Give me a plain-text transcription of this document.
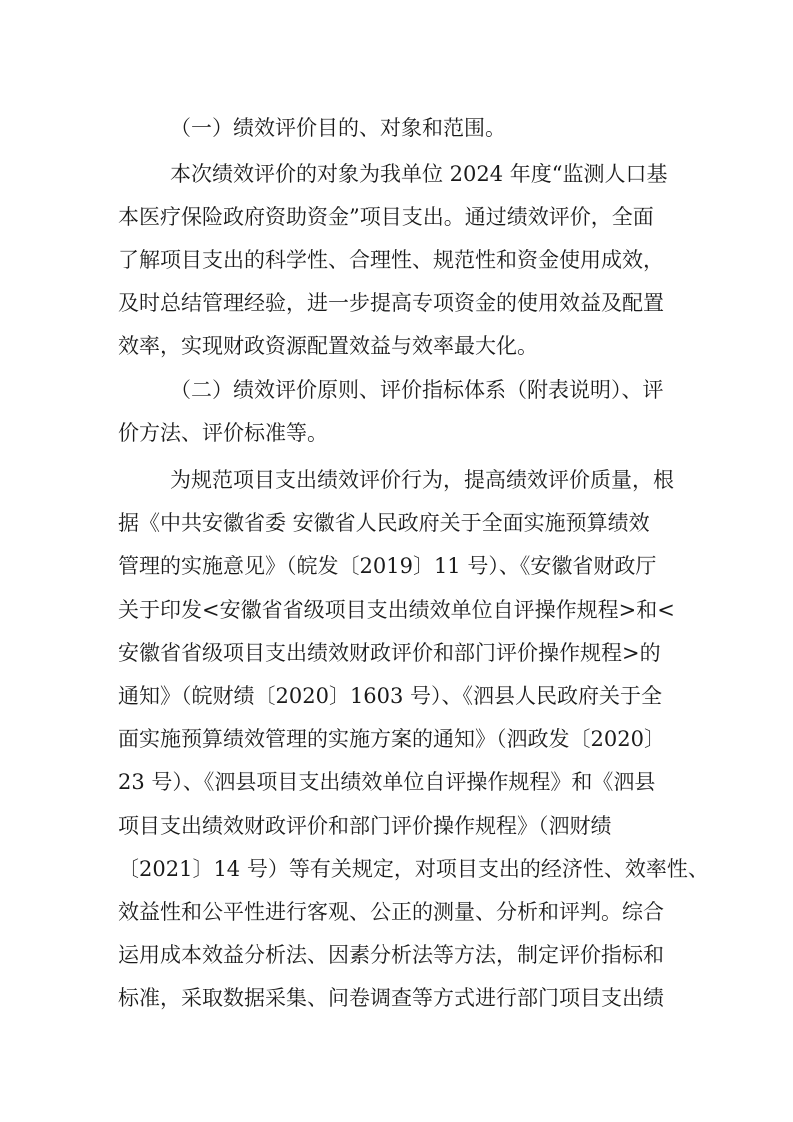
（一）绩效评价目的、对象和范围。
本次绩效评价的对象为我单位 2024 年度“监测人口基
本医疗保险政府资助资金”项目支出。通过绩效评价，全面
了解项目支出的科学性、合理性、规范性和资金使用成效，
及时总结管理经验，进一步提高专项资金的使用效益及配置
效率，实现财政资源配置效益与效率最大化。
（二）绩效评价原则、评价指标体系（附表说明）、评
价方法、评价标准等。
为规范项目支出绩效评价行为，提高绩效评价质量，根
据《中共安徽省委 安徽省人民政府关于全面实施预算绩效
管理的实施意见》（皖发〔2019〕11 号）、《安徽省财政厅
关于印发<安徽省省级项目支出绩效单位自评操作规程>和<
安徽省省级项目支出绩效财政评价和部门评价操作规程>的
通知》（皖财绩〔2020〕1603 号）、《泗县人民政府关于全
面实施预算绩效管理的实施方案的通知》（泗政发〔2020〕
23 号）、《泗县项目支出绩效单位自评操作规程》和《泗县
项目支出绩效财政评价和部门评价操作规程》（泗财绩
〔2021〕14 号）等有关规定，对项目支出的经济性、效率性、
效益性和公平性进行客观、公正的测量、分析和评判。综合
运用成本效益分析法、因素分析法等方法，制定评价指标和
标准，采取数据采集、问卷调查等方式进行部门项目支出绩
